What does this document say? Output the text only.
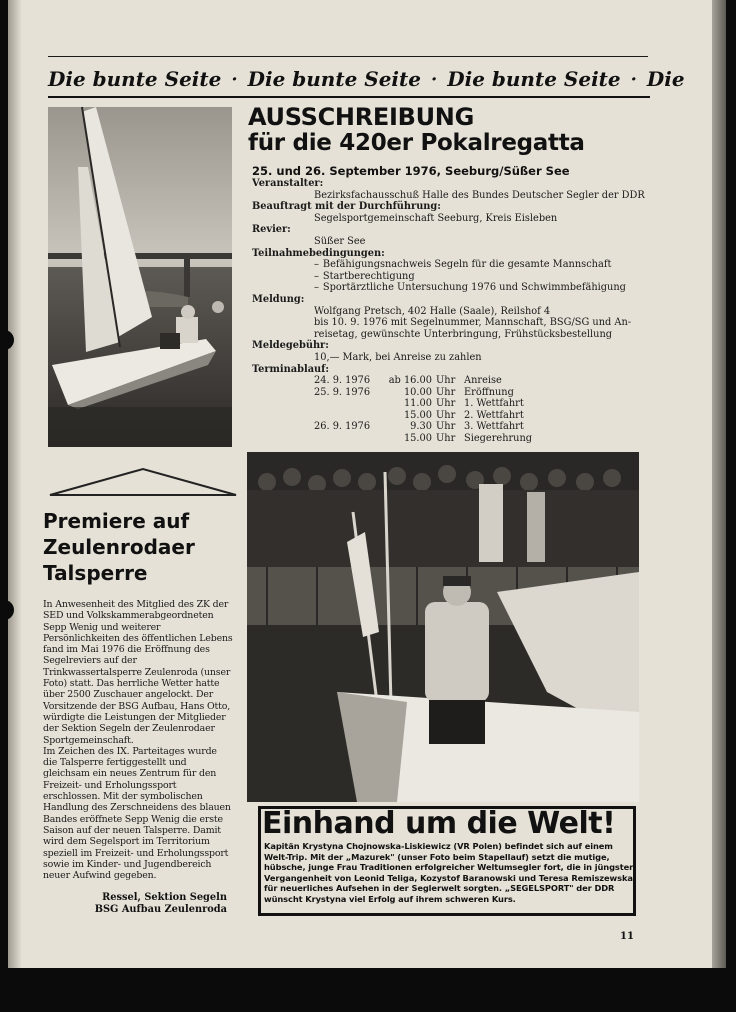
Die bunte Seite · Die bunte Seite · Die bunte Seite · Die
AUSSCHREIBUNG
für die 420er Pokalregatta
25. und 26. September 1976, Seeburg/Süßer See
Veranstalter:
Bezirksfachausschuß Halle des Bundes Deutscher Segler der DDR
Beauftragt mit der Durchführung:
Segelsportgemeinschaft Seeburg, Kreis Eisleben
Revier:
Süßer See
Teilnahmebedingungen:
– Befähigungsnachweis Segeln für die gesamte Mannschaft
– Startberechtigung
– Sportärztliche Untersuchung 1976 und Schwimmbefähigung
Meldung:
Wolfgang Pretsch, 402 Halle (Saale), Reilshof 4
bis 10. 9. 1976 mit Segelnummer, Mannschaft, BSG/SG und An-
reisetag, gewünschte Unterbringung, Frühstücksbestellung
Meldegebühr:
10,— Mark, bei Anreise zu zahlen
Terminablauf:
24. 9. 1976	ab 16.00 Uhr Anreise
25. 9. 1976	10.00 Uhr Eröffnung
11.00 Uhr 1. Wettfahrt
15.00 Uhr 2. Wettfahrt
26. 9. 1976	9.30 Uhr 3. Wettfahrt
15.00 Uhr Siegerehrung
Premiere auf
Zeulenrodaer
Talsperre

In Anwesenheit des Mitglied des ZK der SED und Volkskammerabgeordneten Sepp Wenig und weiterer Persönlichkeiten des öffentlichen Lebens fand im Mai 1976 die Eröffnung des Segelreviers auf der Trinkwassertalsperre Zeulenroda (unser Foto) statt. Das herrliche Wetter hatte über 2500 Zuschauer angelockt. Der Vorsitzende der BSG Aufbau, Hans Otto, würdigte die Leistungen der Mitglieder der Sektion Segeln der Zeulenrodaer Sportgemeinschaft.

Im Zeichen des IX. Parteitages wurde die Talsperre fertiggestellt und gleichsam ein neues Zentrum für den Freizeit- und Erholungssport erschlossen. Mit der symbolischen Handlung des Zerschneidens des blauen Bandes eröffnete Sepp Wenig die erste Saison auf der neuen Talsperre. Damit wird dem Segelsport im Territorium speziell im Freizeit- und Erholungssport sowie im Kinder- und Jugendbereich neuer Aufwind gegeben.

Ressel, Sektion Segeln
BSG Aufbau Zeulenroda
Einhand um die Welt!
Kapitän Krystyna Chojnowska-Liskiewicz (VR Polen) befindet sich auf einem Welt-Trip. Mit der „Mazurek" (unser Foto beim Stapellauf) setzt die mutige, hübsche, junge Frau Traditionen erfolgreicher Weltumsegler fort, die in jüngster Vergangenheit von Leonid Teliga, Kozystof Baranowski und Teresa Remiszewska für neuerliches Aufsehen in der Seglerwelt sorgten. „SEGELSPORT" der DDR wünscht Krystyna viel Erfolg auf ihrem schweren Kurs.
11
